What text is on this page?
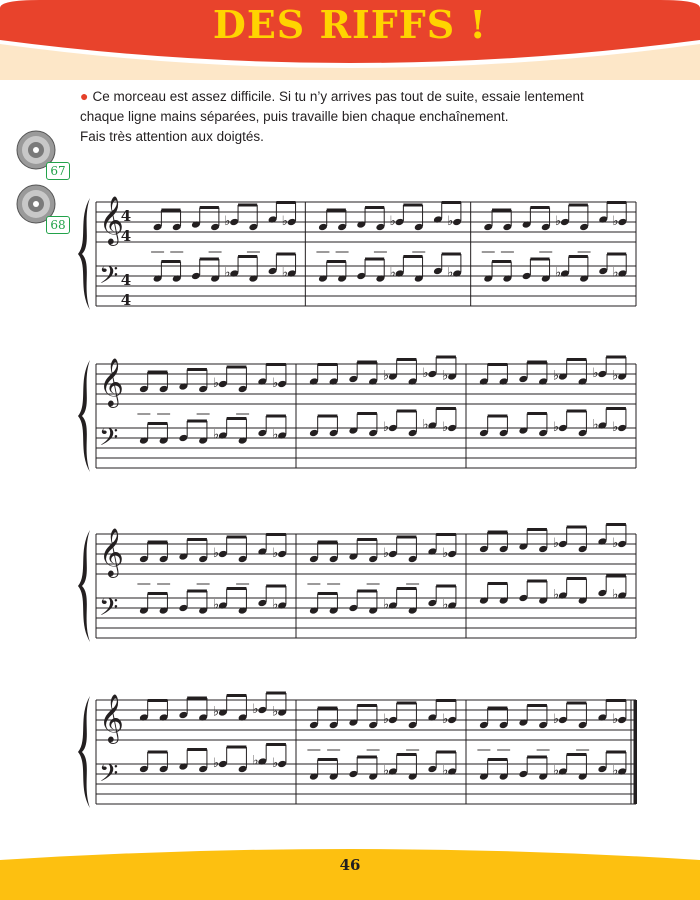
DES RIFFS !

● Ce morceau est assez difficile. Si tu n’y arrives pas tout de suite, essaie lentement

chaque ligne mains séparées, puis travaille bien chaque enchaînement.

Fais très attention aux doigtés.

67
68 𝄞
𝄢
4
4
4
4
♭	♭
♭	♭
♭	♭
♭	♭
♭	♭
♭	♭
𝄞
𝄢
♭	♭
♭	♭
♭	♭ ♭
♭	♭ ♭
♭	♭ ♭
♭	♭ ♭
𝄞
𝄢
♭	♭
♭	♭
♭	♭
♭	♭
♭	♭
♭	♭
𝄞
𝄢
♭	♭ ♭
♭	♭ ♭
♭	♭
♭	♭
♭	♭
♭	♭
46
